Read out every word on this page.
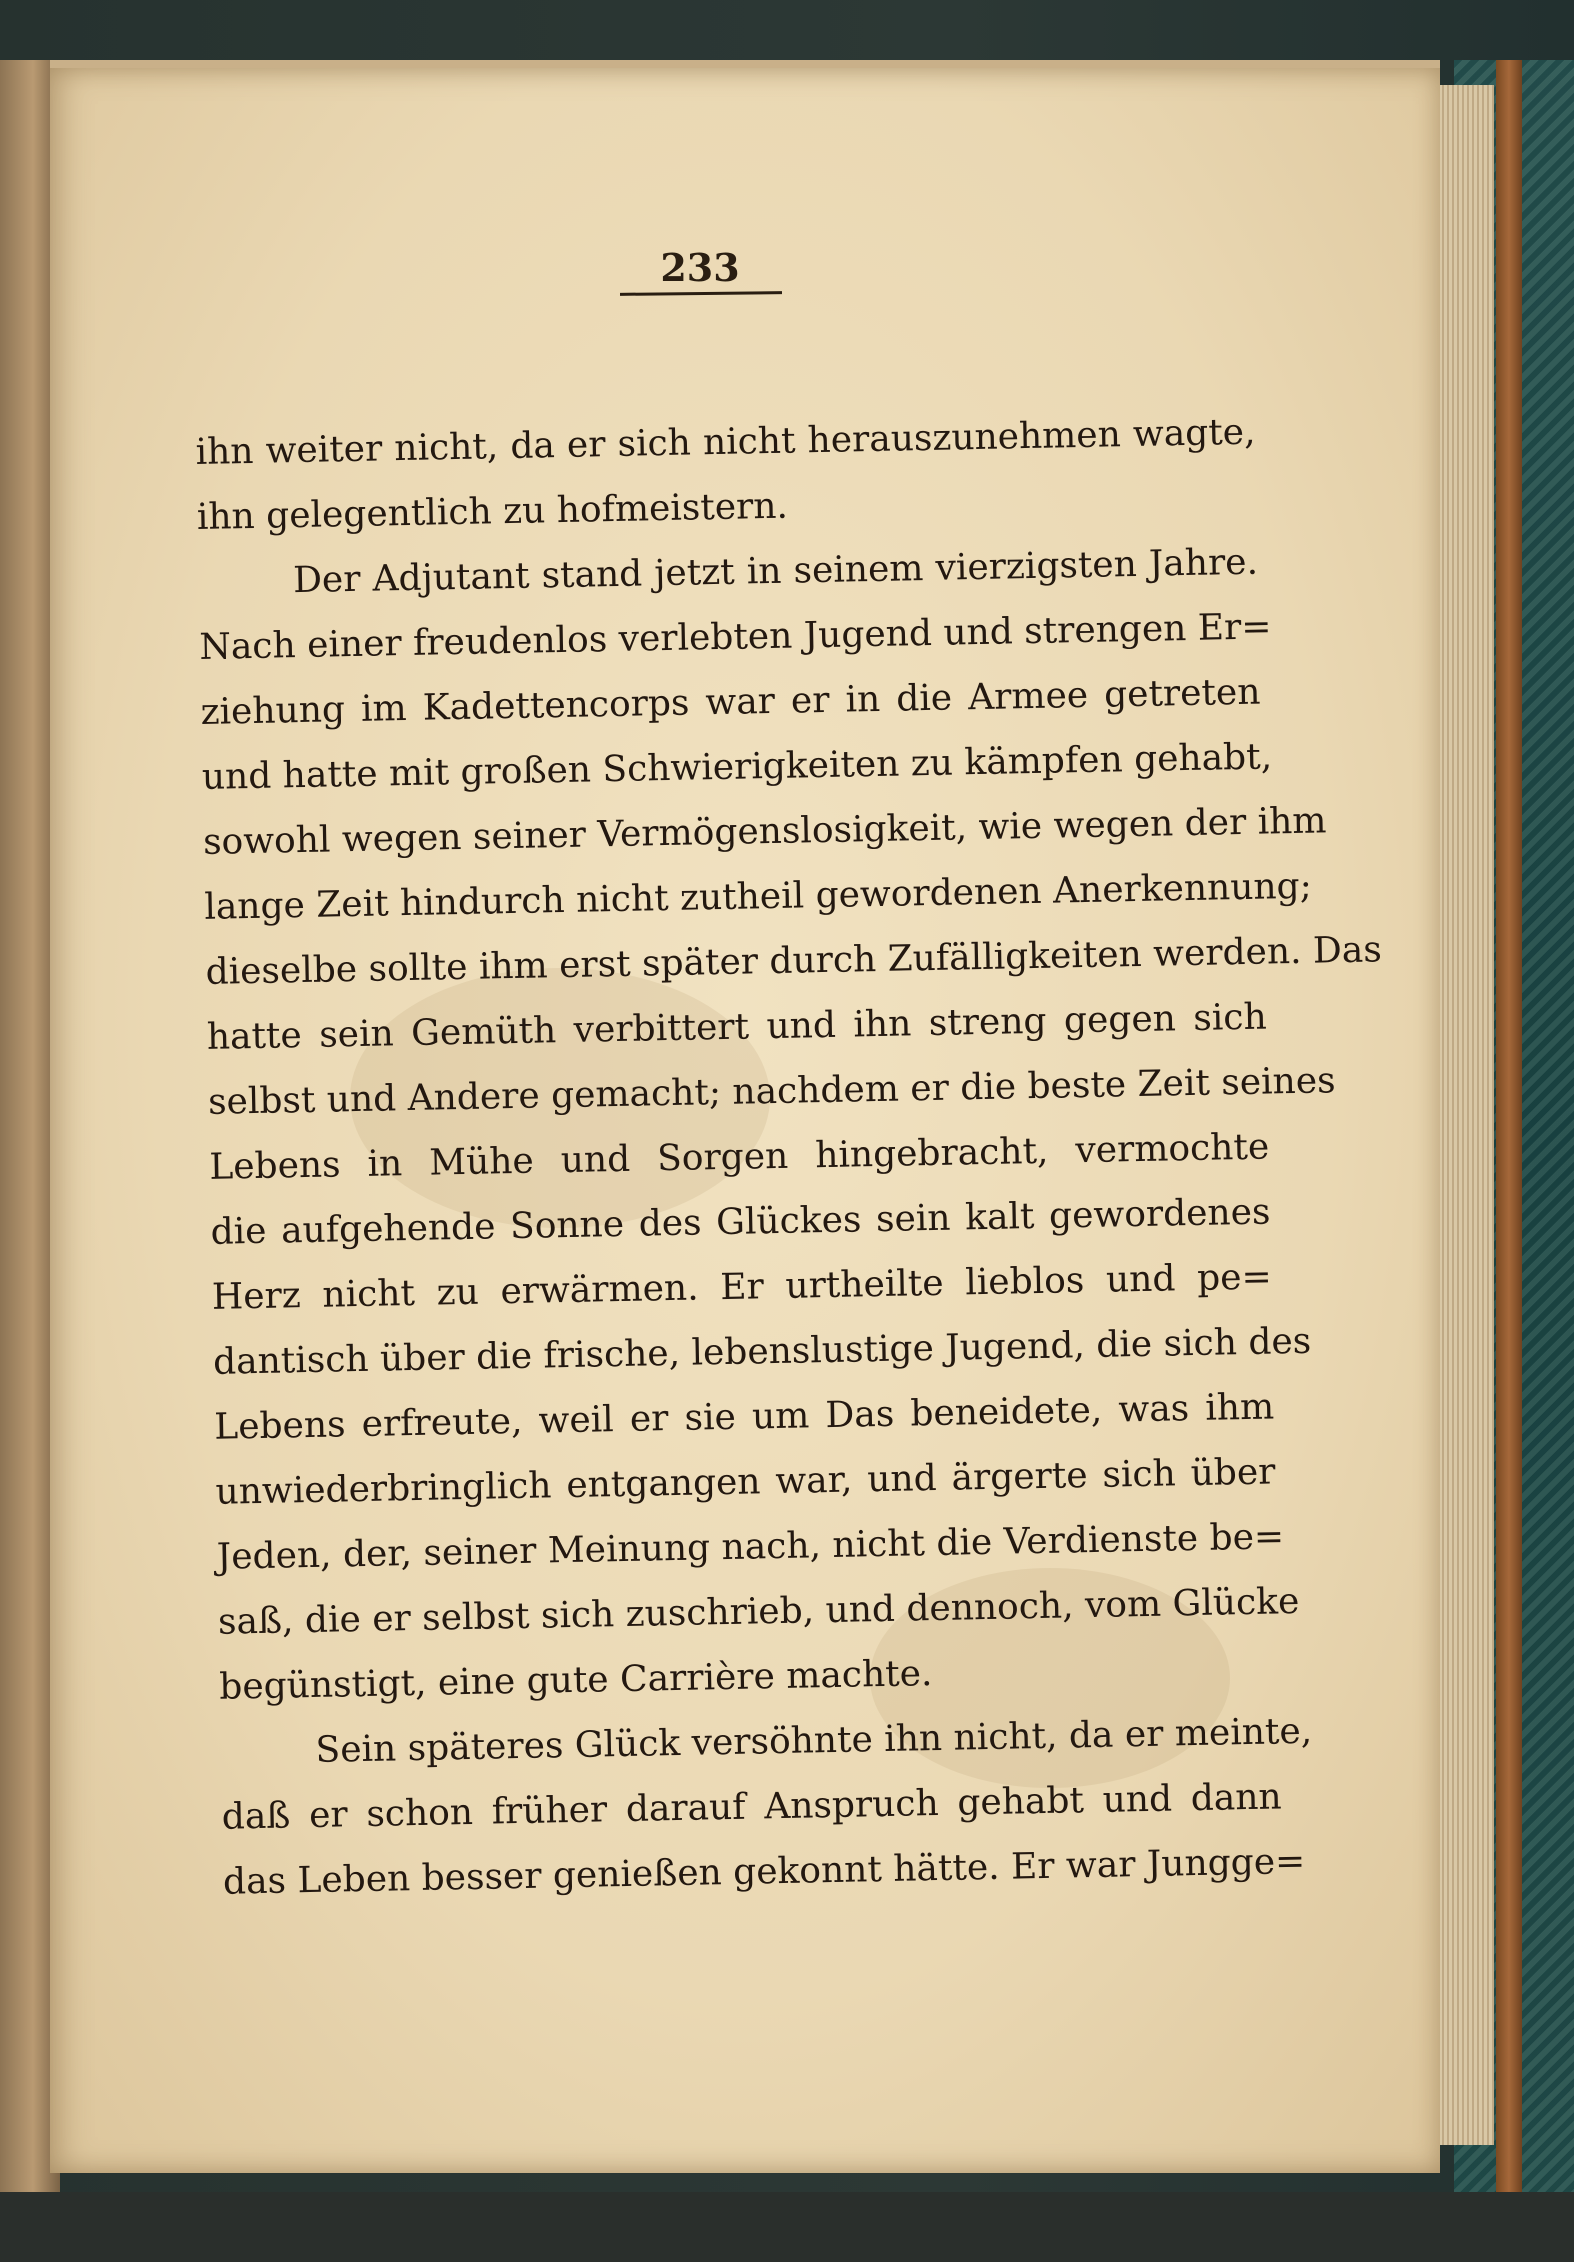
233
ihn weiter nicht, da er sich nicht herauszunehmen wagte,
ihn gelegentlich zu hofmeistern.
Der Adjutant stand jetzt in seinem vierzigsten Jahre.
Nach einer freudenlos verlebten Jugend und strengen Er=
ziehung im Kadettencorps war er in die Armee getreten
und hatte mit großen Schwierigkeiten zu kämpfen gehabt,
sowohl wegen seiner Vermögenslosigkeit, wie wegen der ihm
lange Zeit hindurch nicht zutheil gewordenen Anerkennung;
dieselbe sollte ihm erst später durch Zufälligkeiten werden. Das
hatte sein Gemüth verbittert und ihn streng gegen sich
selbst und Andere gemacht; nachdem er die beste Zeit seines
Lebens in Mühe und Sorgen hingebracht, vermochte
die aufgehende Sonne des Glückes sein kalt gewordenes
Herz nicht zu erwärmen. Er urtheilte lieblos und pe=
dantisch über die frische, lebenslustige Jugend, die sich des
Lebens erfreute, weil er sie um Das beneidete, was ihm
unwiederbringlich entgangen war, und ärgerte sich über
Jeden, der, seiner Meinung nach, nicht die Verdienste be=
saß, die er selbst sich zuschrieb, und dennoch, vom Glücke
begünstigt, eine gute Carrière machte.
Sein späteres Glück versöhnte ihn nicht, da er meinte,
daß er schon früher darauf Anspruch gehabt und dann
das Leben besser genießen gekonnt hätte. Er war Jungge=
